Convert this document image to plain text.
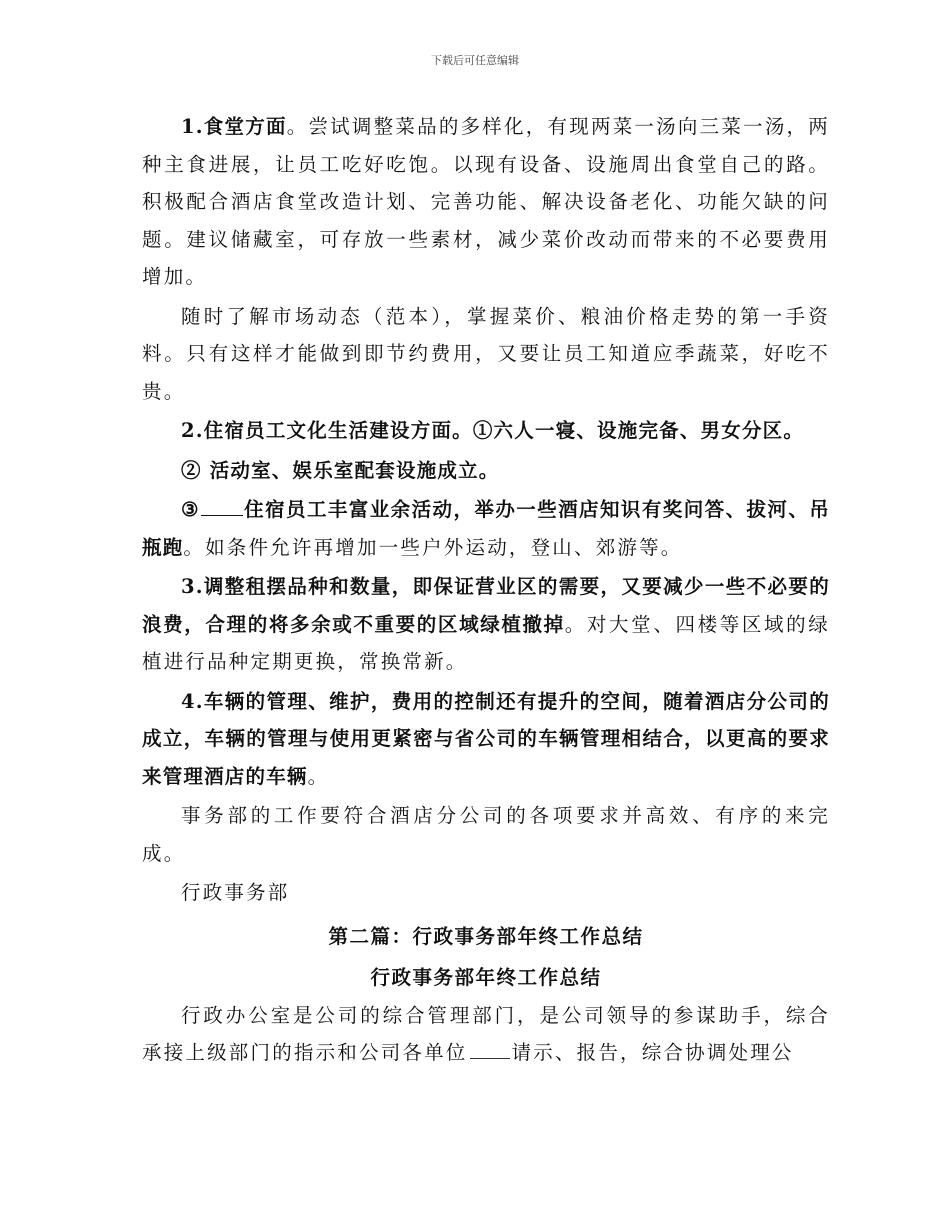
下载后可任意编辑

1.食堂方面。尝试调整菜品的多样化，有现两菜一汤向三菜一汤，两种主食进展，让员工吃好吃饱。以现有设备、设施周出食堂自己的路。积极配合酒店食堂改造计划、完善功能、解决设备老化、功能欠缺的问题。建议储藏室，可存放一些素材，减少菜价改动而带来的不必要费用增加。

随时了解市场动态（范本），掌握菜价、粮油价格走势的第一手资料。只有这样才能做到即节约费用，又要让员工知道应季蔬菜，好吃不贵。

2.住宿员工文化生活建设方面。①六人一寝、设施完备、男女分区。

② 活动室、娱乐室配套设施成立。

③ 住宿员工丰富业余活动，举办一些酒店知识有奖问答、拔河、吊瓶跑。如条件允许再增加一些户外运动，登山、郊游等。

3.调整租摆品种和数量，即保证营业区的需要，又要减少一些不必要的浪费，合理的将多余或不重要的区域绿植撤掉。对大堂、四楼等区域的绿植进行品种定期更换，常换常新。

4.车辆的管理、维护，费用的控制还有提升的空间，随着酒店分公司的成立，车辆的管理与使用更紧密与省公司的车辆管理相结合，以更高的要求来管理酒店的车辆。

事务部的工作要符合酒店分公司的各项要求并高效、有序的来完成。

行政事务部

第二篇：行政事务部年终工作总结

行政事务部年终工作总结

行政办公室是公司的综合管理部门，是公司领导的参谋助手，综合承接上级部门的指示和公司各单位 请示、报告，综合协调处理公
